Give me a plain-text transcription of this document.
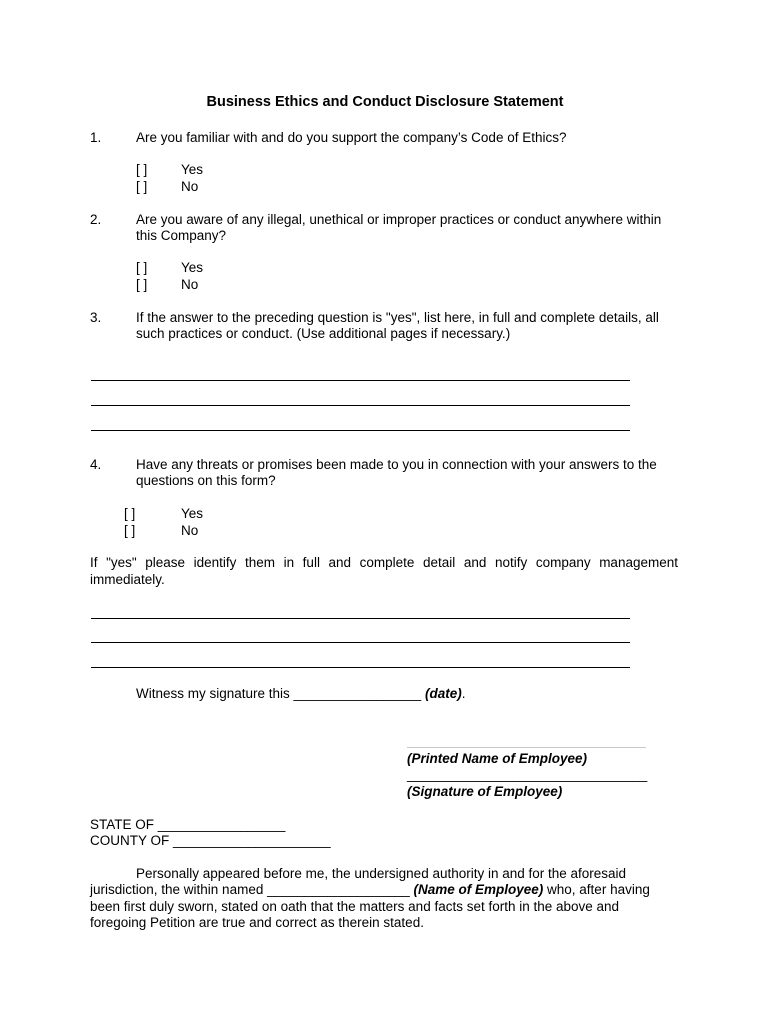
Business Ethics and Conduct Disclosure Statement
1.	Are you familiar with and do you support the company’s Code of Ethics?
[ ] Yes
[ ] No
2.	Are you aware of any illegal, unethical or improper practices or conduct anywhere within
this Company?
[ ] Yes
[ ] No
3.	If the answer to the preceding question is "yes", list here, in full and complete details, all
such practices or conduct. (Use additional pages if necessary.)
4.	Have any threats or promises been made to you in connection with your answers to the
questions on this form?
[ ]	Yes
[ ]	No
If "yes" please identify them in full and complete detail and notify company management
immediately.
Witness my signature this _________________ (date).
(Printed Name of Employee)
________________________________
(Signature of Employee)
STATE OF _________________
COUNTY OF _____________________
Personally appeared before me, the undersigned authority in and for the aforesaid
jurisdiction, the within named ___________________ (Name of Employee) who, after having
been first duly sworn, stated on oath that the matters and facts set forth in the above and
foregoing Petition are true and correct as therein stated.
